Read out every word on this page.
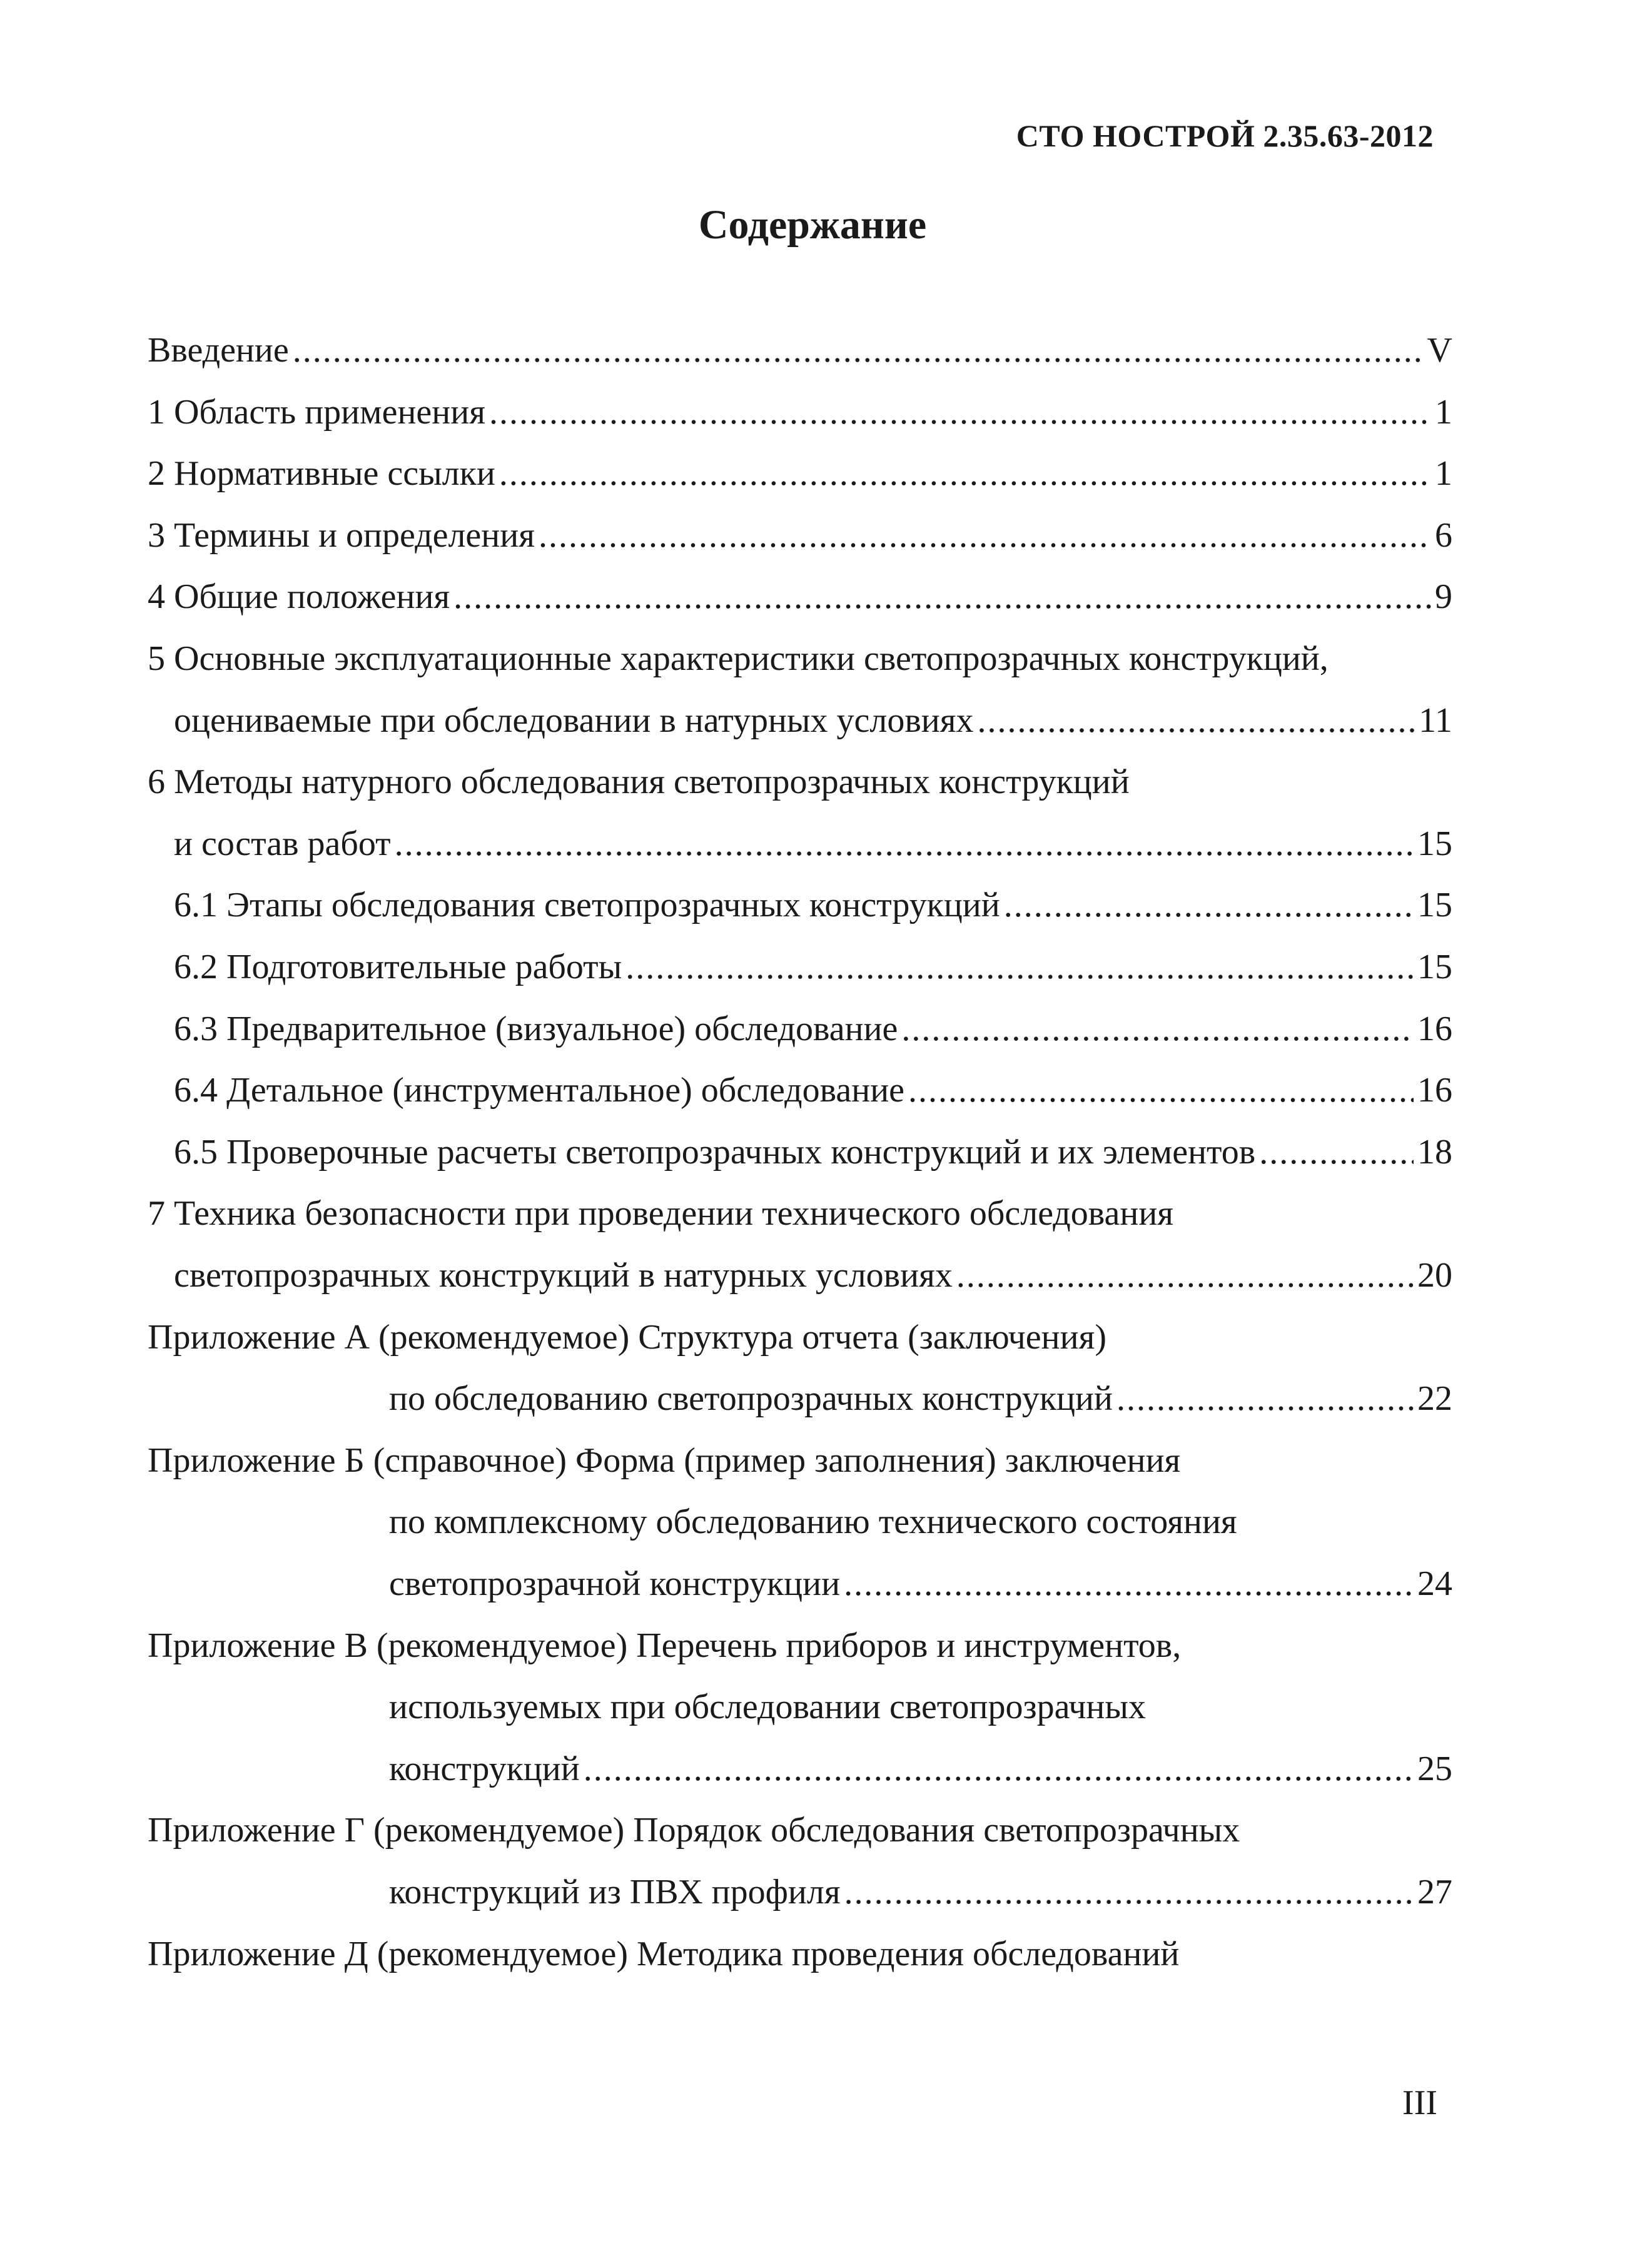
СТО НОСТРОЙ 2.35.63-2012
Содержание
Введение .....	V
1 Область применения .....	1
2 Нормативные ссылки .....	1
3 Термины и определения .....	6
4 Общие положения .....	9
5 Основные эксплуатационные характеристики светопрозрачных конструкций,
оцениваемые при обследовании в натурных условиях .....	11
6 Методы натурного обследования светопрозрачных конструкций
и состав работ .....	15
6.1 Этапы обследования светопрозрачных конструкций .....	15
6.2 Подготовительные работы .....	15
6.3 Предварительное (визуальное) обследование .....	16
6.4 Детальное (инструментальное) обследование .....	16
6.5 Проверочные расчеты светопрозрачных конструкций и их элементов .....	18
7 Техника безопасности при проведении технического обследования
светопрозрачных конструкций в натурных условиях .....	20
Приложение А (рекомендуемое) Структура отчета (заключения)
по обследованию светопрозрачных конструкций .....	22
Приложение Б (справочное) Форма (пример заполнения) заключения
по комплексному обследованию технического состояния
светопрозрачной конструкции .....	24
Приложение В (рекомендуемое) Перечень приборов и инструментов,
используемых при обследовании светопрозрачных
конструкций .....	25
Приложение Г (рекомендуемое) Порядок обследования светопрозрачных
конструкций из ПВХ профиля .....	27
Приложение Д (рекомендуемое) Методика проведения обследований
III
